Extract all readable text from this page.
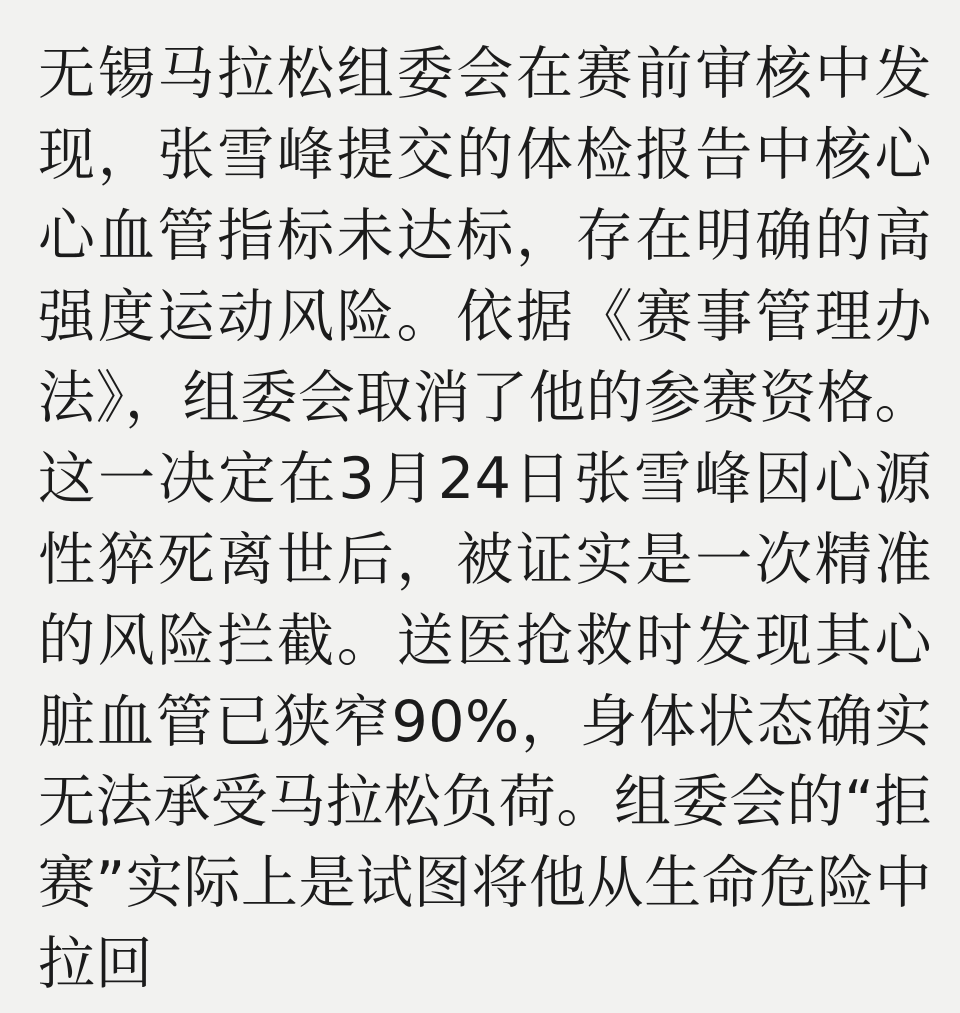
无锡马拉松组委会在赛前审核中发现，张雪峰提交的体检报告中核心心血管指标未达标，存在明确的高强度运动风险。依据《赛事管理办法》，组委会取消了他的参赛资格。这一决定在3月24日张雪峰因心源性猝死离世后，被证实是一次精准的风险拦截。送医抢救时发现其心脏血管已狭窄90%，身体状态确实无法承受马拉松负荷。组委会的“拒赛”实际上是试图将他从生命危险中拉回
